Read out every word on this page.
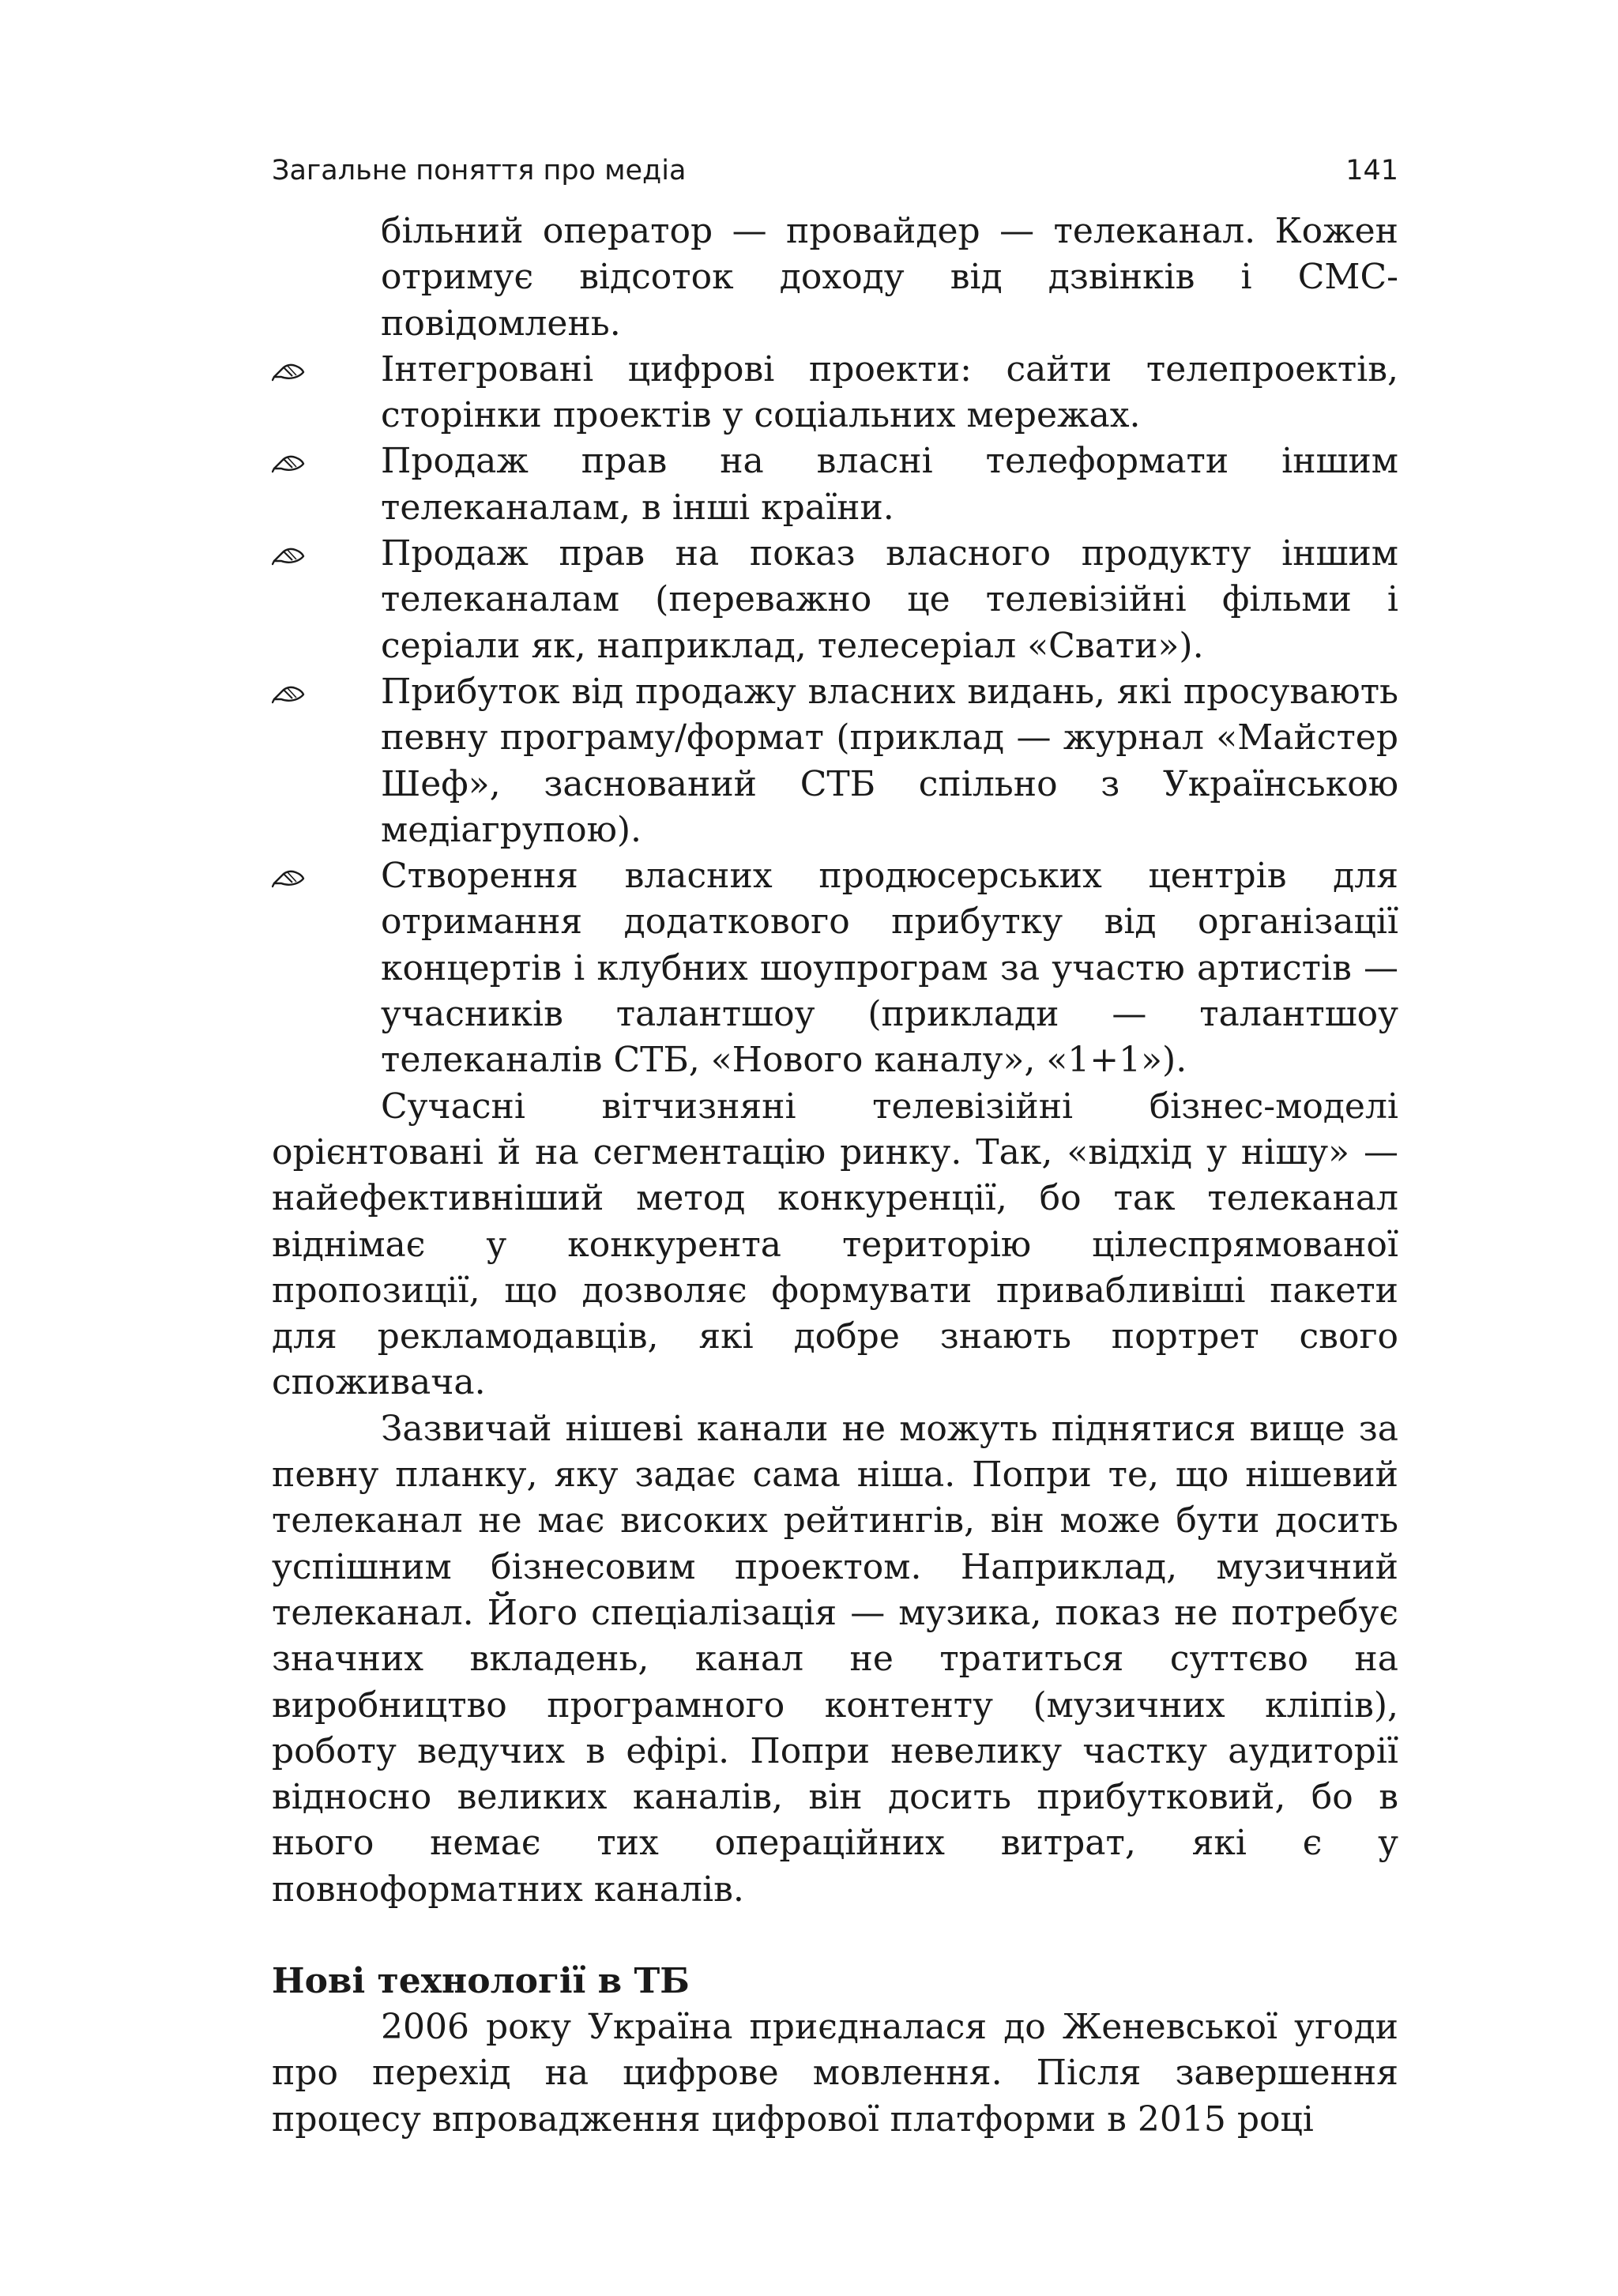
Загальне поняття про медіа	141
більний оператор — провайдер — телеканал. Кожен отримує відсоток доходу від дзвінків і СМС-повідомлень.
Інтегровані цифрові проекти: сайти телепроектів, сторінки проектів у соціальних мережах.
Продаж прав на власні телеформати іншим телеканалам, в інші країни.
Продаж прав на показ власного продукту іншим телеканалам (переважно це телевізійні фільми і серіали як, наприклад, телесеріал «Свати»).
Прибуток від продажу власних видань, які просувають певну програму/формат (приклад — журнал «Майстер Шеф», заснований СТБ спільно з Українською медіагрупою).
Створення власних продюсерських центрів для отримання додаткового прибутку від організації концертів і клубних шоупрограм за участю артистів — учасників талантшоу (приклади — талантшоу телеканалів СТБ, «Нового каналу», «1+1»).

Сучасні вітчизняні телевізійні бізнес-моделі орієнтовані й на сегментацію ринку. Так, «відхід у нішу» — найефективніший метод конкуренції, бо так телеканал віднімає у конкурента територію цілеспрямованої пропозиції, що дозволяє формувати привабливіші пакети для рекламодавців, які добре знають портрет свого споживача.

Зазвичай нішеві канали не можуть піднятися вище за певну планку, яку задає сама ніша. Попри те, що нішевий телеканал не має високих рейтингів, він може бути досить успішним бізнесовим проектом. Наприклад, музичний телеканал. Його спеціалізація — музика, показ не потребує значних вкладень, канал не тратиться суттєво на виробництво програмного контенту (музичних кліпів), роботу ведучих в ефірі. Попри невелику частку аудиторії відносно великих каналів, він досить прибутковий, бо в нього немає тих операційних витрат, які є у повноформатних каналів.

Нові технології в ТБ

2006 року Україна приєдналася до Женевської угоди про перехід на цифрове мовлення. Після завершення процесу впровадження цифрової платформи в 2015 році
